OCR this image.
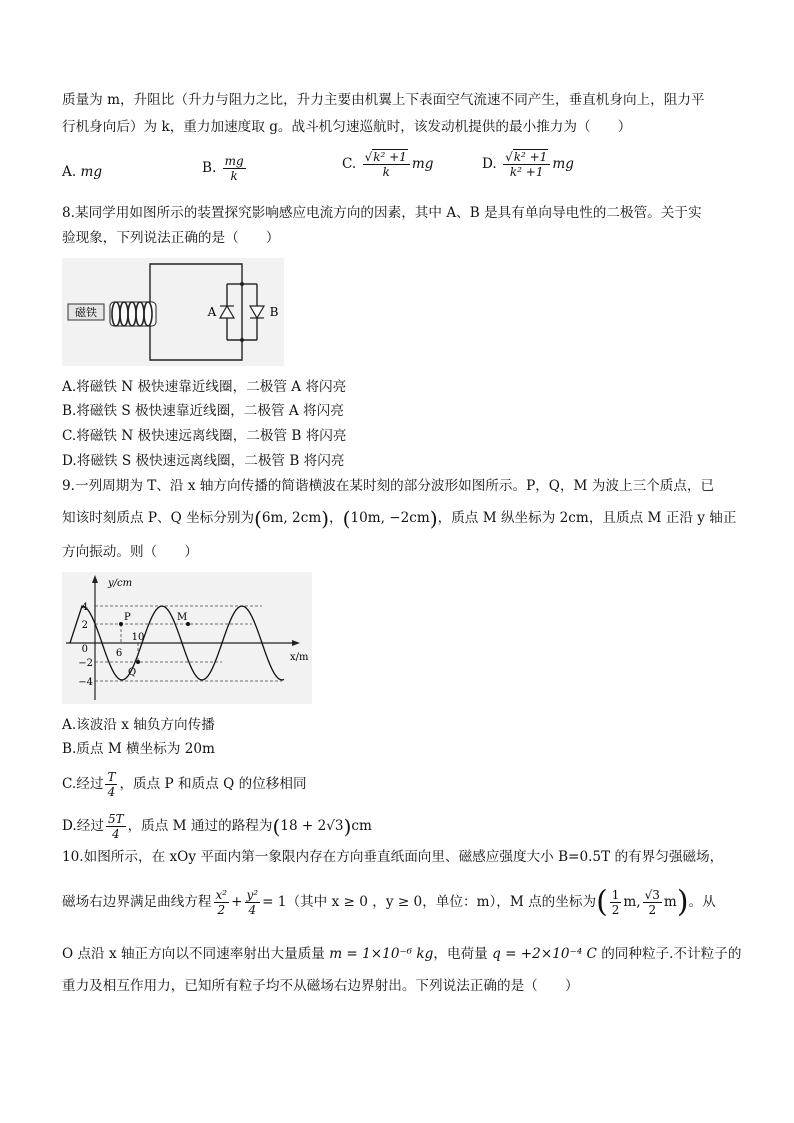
质量为 m，升阻比（升力与阻力之比，升力主要由机翼上下表面空气流速不同产生，垂直机身向上，阻力平
行机身向后）为 k，重力加速度取 g。战斗机匀速巡航时，该发动机提供的最小推力为（　　）
A. mg	B. $\frac{mg}{k}$	C. $\frac{\text{√k² +1}}{k}$ mg	D. $\frac{\text{√k² +1}}{\text{k² +1}}$ mg
8.某同学用如图所示的装置探究影响感应电流方向的因素，其中 A、B 是具有单向导电性的二极管。关于实
验现象，下列说法正确的是（　　）
磁铁	A	B
A.将磁铁 N 极快速靠近线圈，二极管 A 将闪亮
B.将磁铁 S 极快速靠近线圈，二极管 A 将闪亮
C.将磁铁 N 极快速远离线圈，二极管 B 将闪亮
D.将磁铁 S 极快速远离线圈，二极管 B 将闪亮
9.一列周期为 T、沿 x 轴方向传播的简谐横波在某时刻的部分波形如图所示。P，Q，M 为波上三个质点，已
知该时刻质点 P、Q 坐标分别为(6m, 2cm)，(10m, −2cm)，质点 M 纵坐标为 2cm，且质点 M 正沿 y 轴正
方向振动。则（　　）
y/cm
x/m
4
2
0
−2
−4
6
10
P
Q
M
A.该波沿 x 轴负方向传播
B.质点 M 横坐标为 20m
C.经过 $\frac{T}{4}$ ，质点 P 和质点 Q 的位移相同
D.经过 $\frac{5T}{4}$ ，质点 M 通过的路程为(18 + 2√3)cm
10.如图所示，在 xOy 平面内第一象限内存在方向垂直纸面向里、磁感应强度大小 B=0.5T 的有界匀强磁场，
磁场右边界满足曲线方程 $\frac{\text{x²}}{2} + \frac{\text{y²}}{4} = 1$（其中 x ≥ 0 ，y ≥ 0，单位：m），M 点的坐标为( $\frac{1}{2} m$, $\frac{√3}{2} m$)。从
O 点沿 x 轴正方向以不同速率射出大量质量 m = 1×10⁻⁶ kg，电荷量 q = +2×10⁻⁴ C 的同种粒子.不计粒子的
重力及相互作用力，已知所有粒子均不从磁场右边界射出。下列说法正确的是（　　）
